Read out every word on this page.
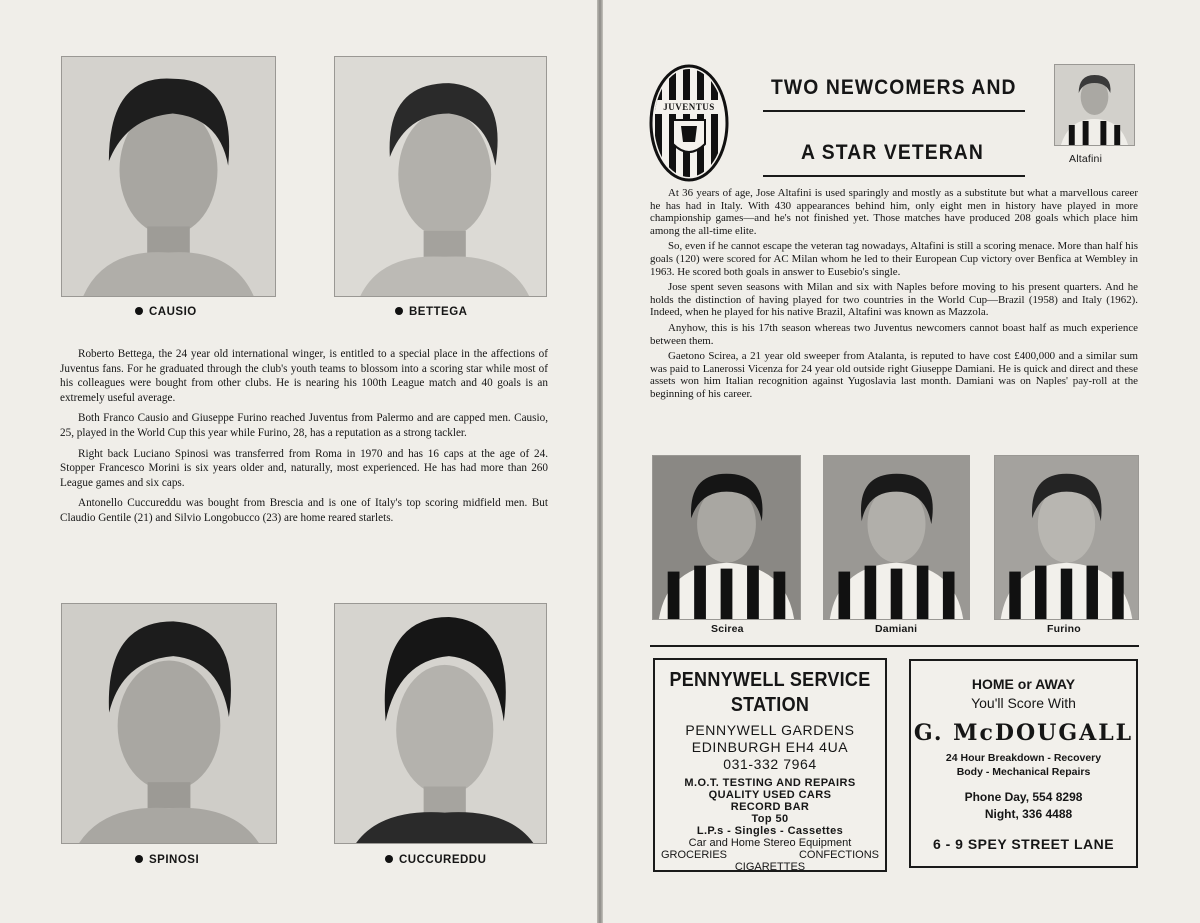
CAUSIO	BETTEGA

Roberto Bettega, the 24 year old international winger, is entitled to a special place in the affections of Juventus fans. For he graduated through the club's youth teams to blossom into a scoring star while most of his colleagues were bought from other clubs. He is nearing his 100th League match and 40 goals is an extremely useful average.

Both Franco Causio and Giuseppe Furino reached Juventus from Palermo and are capped men. Causio, 25, played in the World Cup this year while Furino, 28, has a reputation as a strong tackler.

Right back Luciano Spinosi was transferred from Roma in 1970 and has 16 caps at the age of 24. Stopper Francesco Morini is six years older and, naturally, most experienced. He has had more than 260 League games and six caps.

Antonello Cuccureddu was bought from Brescia and is one of Italy's top scoring midfield men. But Claudio Gentile (21) and Silvio Longobucco (23) are home reared starlets.

SPINOSI	CUCCUREDDU
JUVENTUS
TWO NEWCOMERS AND
A STAR VETERAN	Altafini

At 36 years of age, Jose Altafini is used sparingly and mostly as a substitute but what a marvellous career he has had in Italy. With 430 appearances behind him, only eight men in history have played in more championship games—and he's not finished yet. Those matches have produced 208 goals which place him among the all-time elite.

So, even if he cannot escape the veteran tag nowadays, Altafini is still a scoring menace. More than half his goals (120) were scored for AC Milan whom he led to their European Cup victory over Benfica at Wembley in 1963. He scored both goals in answer to Eusebio's single.

Jose spent seven seasons with Milan and six with Naples before moving to his present quarters. And he holds the distinction of having played for two countries in the World Cup—Brazil (1958) and Italy (1962). Indeed, when he played for his native Brazil, Altafini was known as Mazzola.

Anyhow, this is his 17th season whereas two Juventus newcomers cannot boast half as much experience between them.

Gaetono Scirea, a 21 year old sweeper from Atalanta, is reputed to have cost £400,000 and a similar sum was paid to Lanerossi Vicenza for 24 year old outside right Giuseppe Damiani. He is quick and direct and these assets won him Italian recognition against Yugoslavia last month. Damiani was on Naples' pay-roll at the beginning of his career.

Scirea	Damiani	Furino
PENNYWELL SERVICE
STATION
PENNYWELL GARDENS
EDINBURGH EH4 4UA
031-332 7964
M.O.T. TESTING AND REPAIRS
QUALITY USED CARS
RECORD BAR
Top 50
L.P.s - Singles - Cassettes
Car and Home Stereo Equipment
GROCERIES	CONFECTIONS
CIGARETTES
HOME or AWAY
You'll Score With
G. McDOUGALL
24 Hour Breakdown - Recovery
Body - Mechanical Repairs
Phone Day, 554 8298
Night, 336 4488
6 - 9 SPEY STREET LANE
